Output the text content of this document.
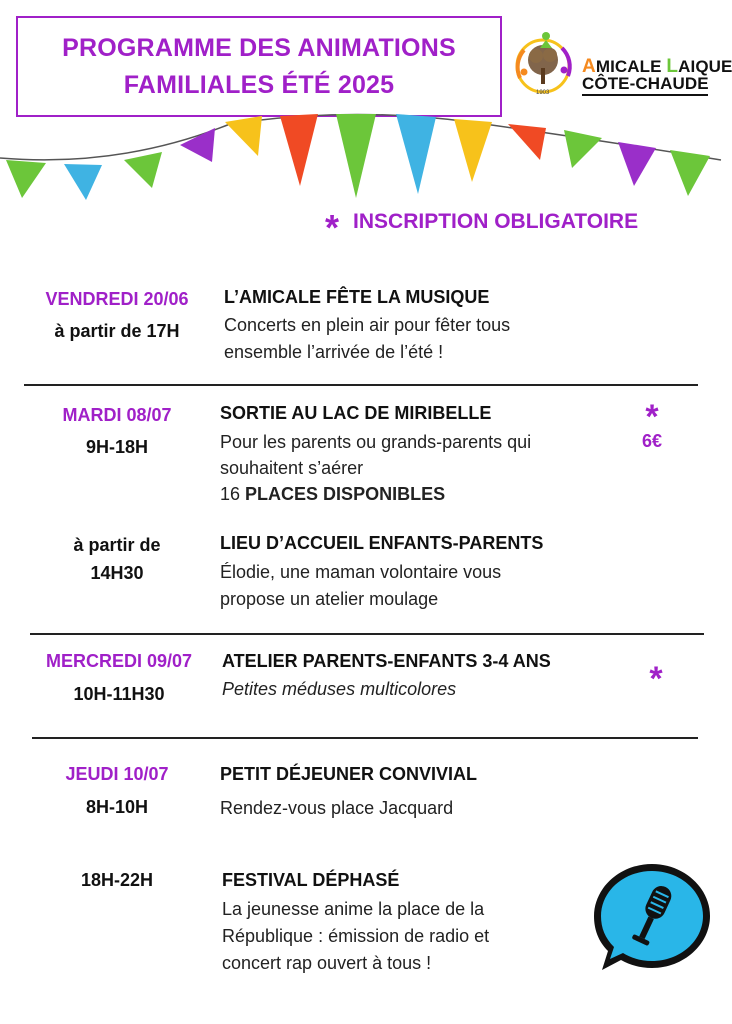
PROGRAMME DES ANIMATIONS
FAMILIALES ÉTÉ 2025
AMICALE LAIQUE
CÔTE-CHAUDE
1903
* INSCRIPTION OBLIGATOIRE
VENDREDI 20/06
à partir de 17H
L’AMICALE FÊTE LA MUSIQUE
Concerts en plein air pour fêter tous
ensemble l’arrivée de l’été !
MARDI 08/07
9H-18H
SORTIE AU LAC DE MIRIBELLE
Pour les parents ou grands-parents qui
souhaitent s’aérer
16 PLACES DISPONIBLES
*
6€
à partir de
14H30
LIEU D’ACCUEIL ENFANTS-PARENTS
Élodie, une maman volontaire vous
propose un atelier moulage
MERCREDI 09/07
10H-11H30
ATELIER PARENTS-ENFANTS 3-4 ANS
Petites méduses multicolores	*
JEUDI 10/07
8H-10H
PETIT DÉJEUNER CONVIVIAL
Rendez-vous place Jacquard
18H-22H	FESTIVAL DÉPHASÉ
La jeunesse anime la place de la
République : émission de radio et
concert rap ouvert à tous !
